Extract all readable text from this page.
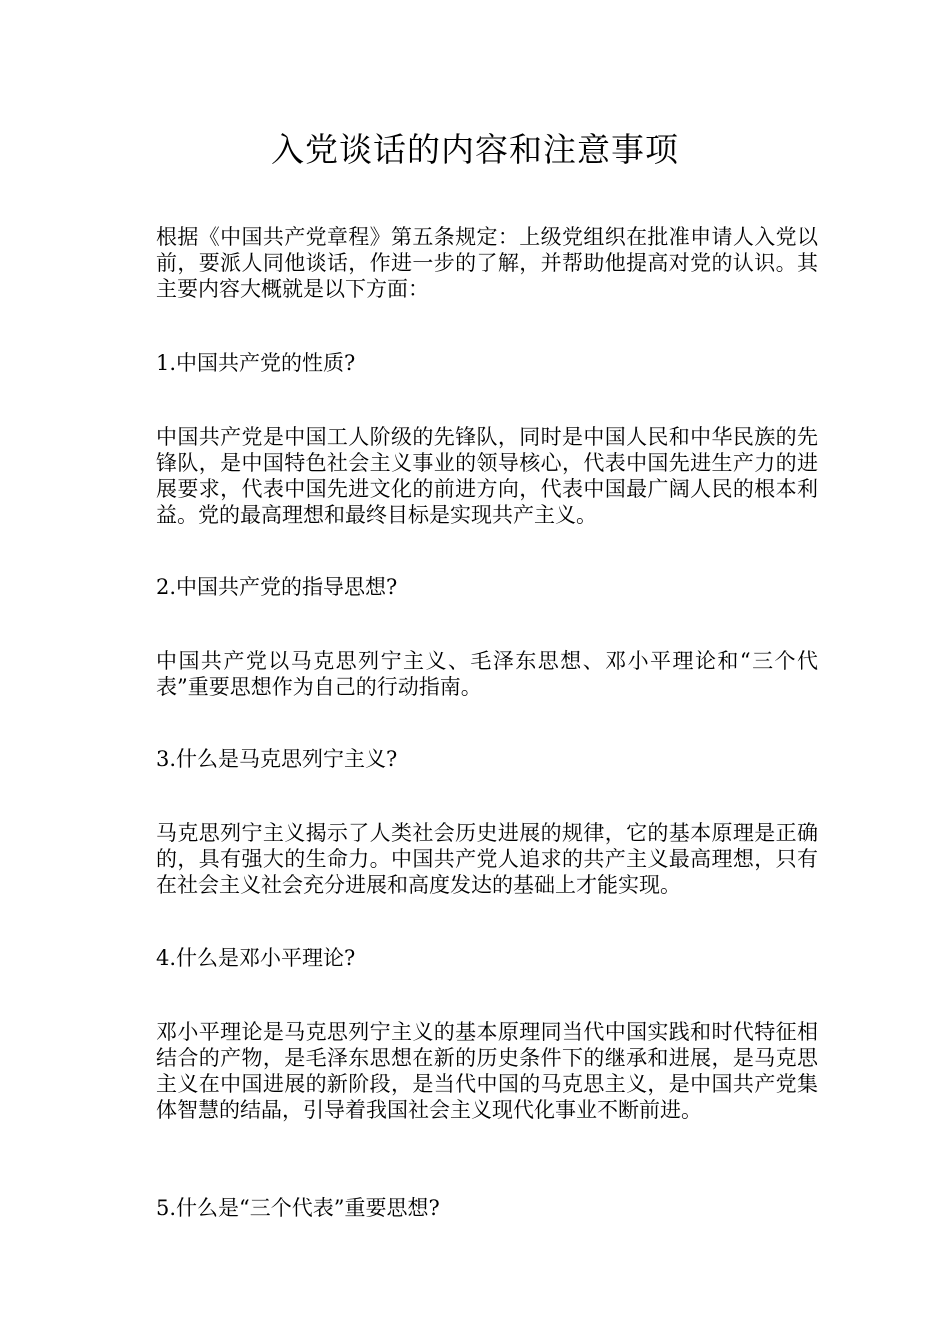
入党谈话的内容和注意事项

根据《中国共产党章程》第五条规定：上级党组织在批准申请人入党以前，要派人同他谈话，作进一步的了解，并帮助他提高对党的认识。其主要内容大概就是以下方面：

1.中国共产党的性质?

中国共产党是中国工人阶级的先锋队，同时是中国人民和中华民族的先锋队，是中国特色社会主义事业的领导核心，代表中国先进生产力的进展要求，代表中国先进文化的前进方向，代表中国最广阔人民的根本利益。党的最高理想和最终目标是实现共产主义。

2.中国共产党的指导思想?

中国共产党以马克思列宁主义、毛泽东思想、邓小平理论和“三个代表”重要思想作为自己的行动指南。

3.什么是马克思列宁主义?

马克思列宁主义揭示了人类社会历史进展的规律，它的基本原理是正确的，具有强大的生命力。中国共产党人追求的共产主义最高理想，只有在社会主义社会充分进展和高度发达的基础上才能实现。

4.什么是邓小平理论?

邓小平理论是马克思列宁主义的基本原理同当代中国实践和时代特征相结合的产物，是毛泽东思想在新的历史条件下的继承和进展，是马克思主义在中国进展的新阶段，是当代中国的马克思主义，是中国共产党集体智慧的结晶，引导着我国社会主义现代化事业不断前进。

5.什么是“三个代表”重要思想?
